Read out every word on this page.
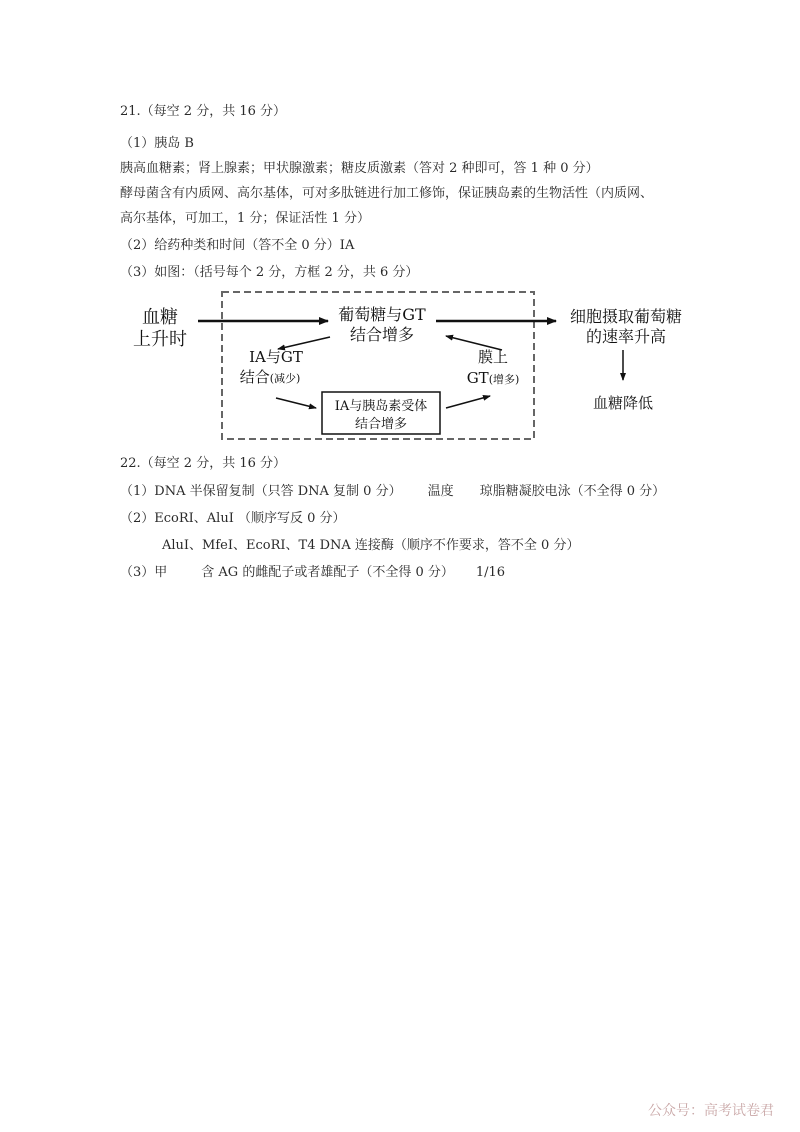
21.（每空 2 分，共 16 分）
（1）胰岛 B
胰高血糖素；肾上腺素；甲状腺激素；糖皮质激素（答对 2 种即可，答 1 种 0 分）
酵母菌含有内质网、高尔基体，可对多肽链进行加工修饰，保证胰岛素的生物活性（内质网、
高尔基体，可加工，1 分；保证活性 1 分）
（2）给药种类和时间（答不全 0 分）IA
（3）如图：（括号每个 2 分，方框 2 分，共 6 分）
血糖
上升时
葡萄糖与GT
结合增多
IA与GT
结合(减少)
膜上
GT(增多)
IA与胰岛素受体
结合增多
细胞摄取葡萄糖
的速率升高
血糖降低
22.（每空 2 分，共 16 分）
（1）DNA 半保留复制（只答 DNA 复制 0 分） 温度 琼脂糖凝胶电泳（不全得 0 分）
（2）EcoRI、AluI （顺序写反 0 分）
AluI、MfeI、EcoRI、T4 DNA 连接酶（顺序不作要求，答不全 0 分）
（3）甲	含 AG 的雌配子或者雄配子（不全得 0 分） 1/16
公众号：高考试卷君
